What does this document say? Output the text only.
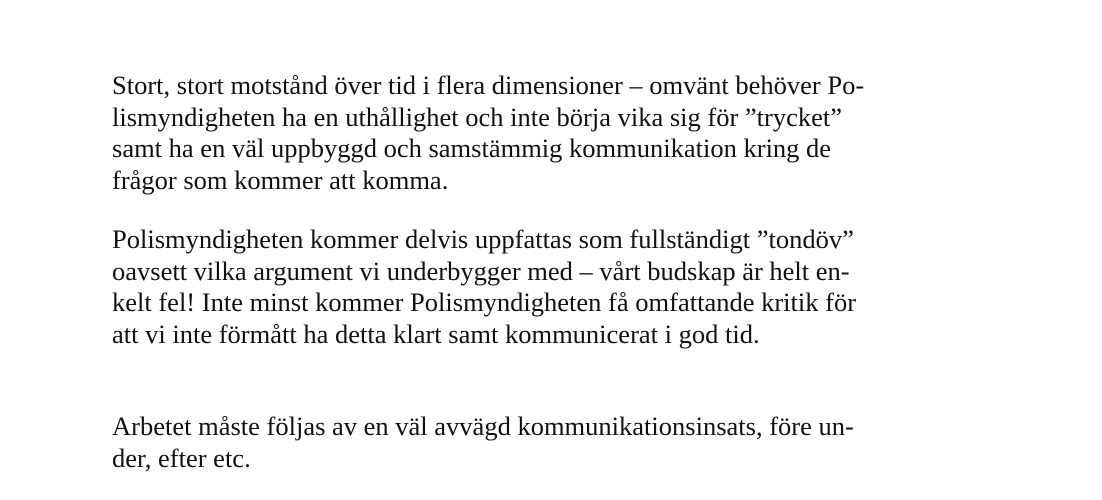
Stort, stort motstånd över tid i flera dimensioner – omvänt behöver Po-
lismyndigheten ha en uthållighet och inte börja vika sig för ”trycket”
samt ha en väl uppbyggd och samstämmig kommunikation kring de
frågor som kommer att komma.

Polismyndigheten kommer delvis uppfattas som fullständigt ”tondöv”
oavsett vilka argument vi underbygger med – vårt budskap är helt en-
kelt fel! Inte minst kommer Polismyndigheten få omfattande kritik för
att vi inte förmått ha detta klart samt kommunicerat i god tid.

Arbetet måste följas av en väl avvägd kommunikationsinsats, före un-
der, efter etc.
